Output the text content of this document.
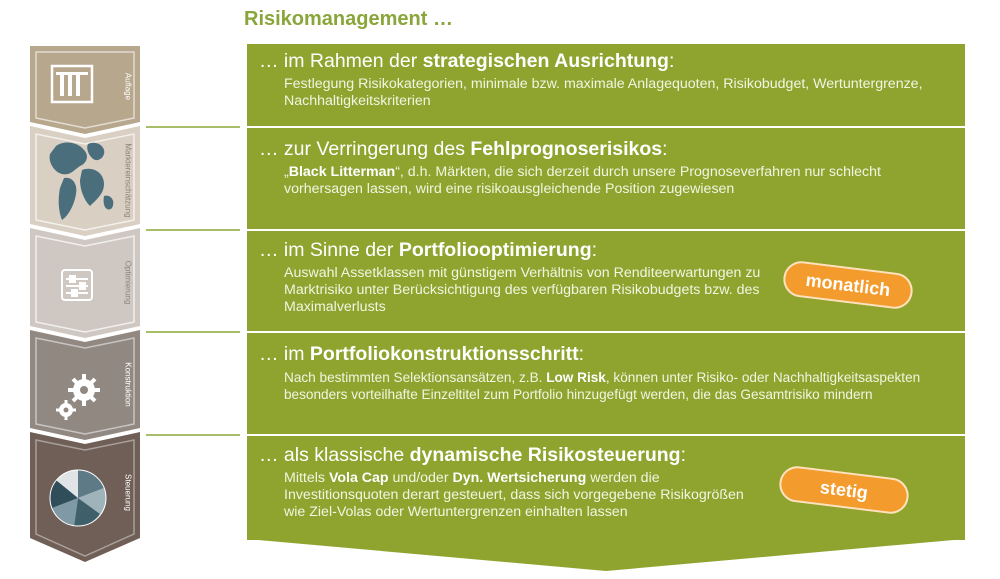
Risikomanagement …
Auflage
Marktereinschätzung
Optimierung
Konstruktion
Steuerung
… im Rahmen der strategischen Ausrichtung:
Festlegung Risikokategorien, minimale bzw. maximale Anlagequoten, Risikobudget, Wertuntergrenze, Nachhaltigkeitskriterien
… zur Verringerung des Fehlprognoserisikos:
„Black Litterman“, d.h. Märkten, die sich derzeit durch unsere Prognoseverfahren nur schlecht vorhersagen lassen, wird eine risikoausgleichende Position zugewiesen
… im Sinne der Portfoliooptimierung:
Auswahl Assetklassen mit günstigem Verhältnis von Renditeerwartungen zu Marktrisiko unter Berücksichtigung des verfügbaren Risikobudgets bzw. des Maximalverlusts
monatlich
… im Portfoliokonstruktionsschritt:
Nach bestimmten Selektionsansätzen, z.B. Low Risk, können unter Risiko- oder Nachhaltigkeitsaspekten besonders vorteilhafte Einzeltitel zum Portfolio hinzugefügt werden, die das Gesamtrisiko mindern
… als klassische dynamische Risikosteuerung:
Mittels Vola Cap und/oder Dyn. Wertsicherung werden die Investitionsquoten derart gesteuert, dass sich vorgegebene Risikogrößen wie Ziel-Volas oder Wertuntergrenzen einhalten lassen
stetig
